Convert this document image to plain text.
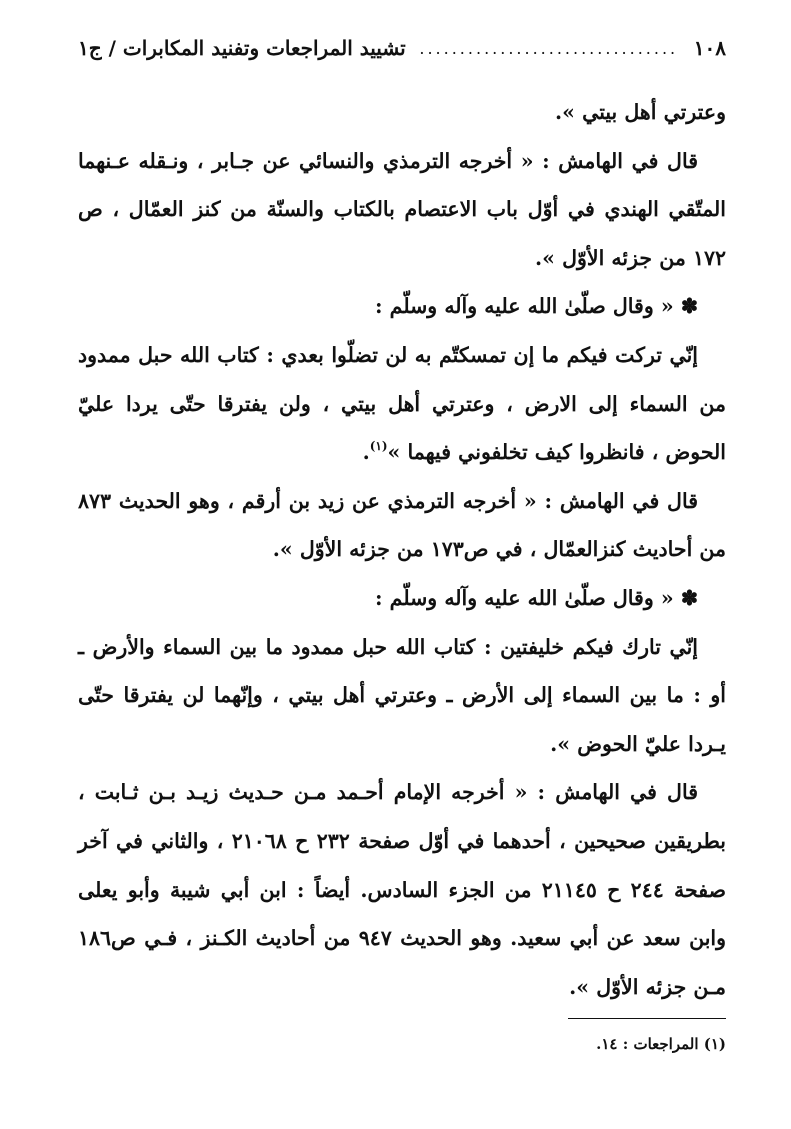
١٠٨
................................
تشييد المراجعات وتفنيد المكابرات / ج١

وعترتي أهل بيتي ».

قال في الهامش : « أخرجه الترمذي والنسائي عن جـابر ، ونـقله عـنهما المتّقي الهندي في أوّل باب الاعتصام بالكتاب والسنّة من كنز العمّال ، ص ١٧٢ من جزئه الأوّل ».

✽ « وقال صلّىٰ الله عليه وآله وسلّم :

إنّي تركت فيكم ما إن تمسكتّم به لن تضلّوا بعدي : كتاب الله حبل ممدود من السماء إلى الارض ، وعترتي أهل بيتي ، ولن يفترقا حتّى يردا عليّ الحوض ، فانظروا كيف تخلفوني فيهما »$^{(١)}$.

قال في الهامش : « أخرجه الترمذي عن زيد بن أرقم ، وهو الحديث ٨٧٣ من أحاديث كنزالعمّال ، في ص١٧٣ من جزئه الأوّل ».

✽ « وقال صلّىٰ الله عليه وآله وسلّم :

إنّي تارك فيكم خليفتين : كتاب الله حبل ممدود ما بين السماء والأرض ـ أو : ما بين السماء إلى الأرض ـ وعترتي أهل بيتي ، وإنّهما لن يفترقا حتّى يـردا عليّ الحوض ».

قال في الهامش : « أخرجه الإمام أحـمد مـن حـديث زيـد بـن ثـابت ، بطريقين صحيحين ، أحدهما في أوّل صفحة ٢٣٢ ح ٢١٠٦٨ ، والثاني في آخر صفحة ٢٤٤ ح ٢١١٤٥ من الجزء السادس. أيضاً : ابن أبي شيبة وأبو يعلى وابن سعد عن أبي سعيد. وهو الحديث ٩٤٧ من أحاديث الكـنز ، فـي ص١٨٦ مـن جزئه الأوّل ».

(١) المراجعات : ١٤.
